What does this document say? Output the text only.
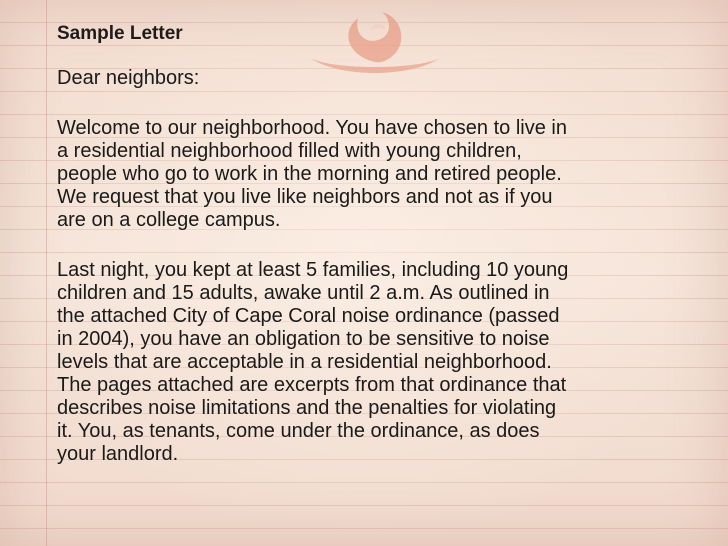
Sample Letter
Dear neighbors:
Welcome to our neighborhood. You have chosen to live in
a residential neighborhood filled with young children,
people who go to work in the morning and retired people.
We request that you live like neighbors and not as if you
are on a college campus.
Last night, you kept at least 5 families, including 10 young
children and 15 adults, awake until 2 a.m. As outlined in
the attached City of Cape Coral noise ordinance (passed
in 2004), you have an obligation to be sensitive to noise
levels that are acceptable in a residential neighborhood.
The pages attached are excerpts from that ordinance that
describes noise limitations and the penalties for violating
it. You, as tenants, come under the ordinance, as does
your landlord.
